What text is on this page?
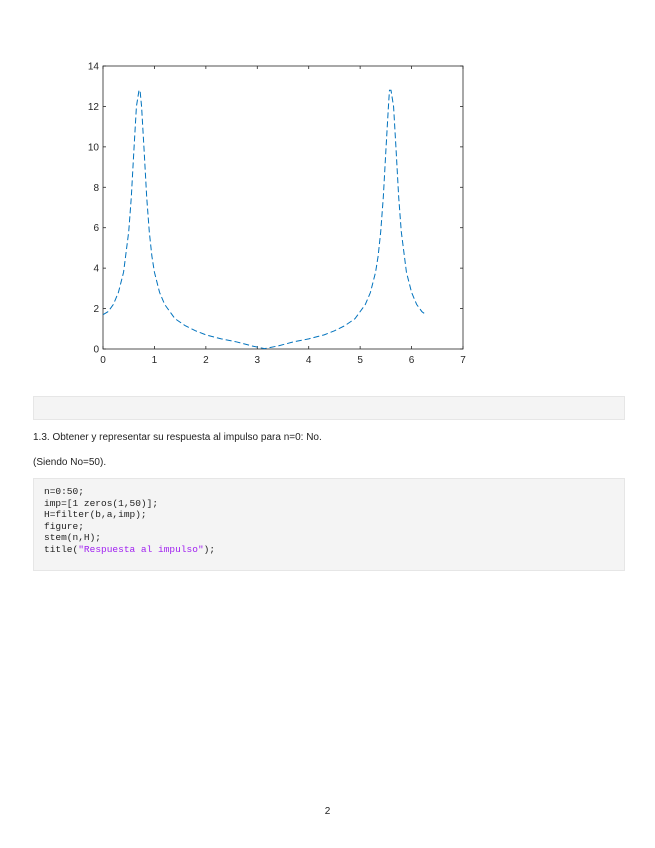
0	1	2	3	4	5	6	7
0
2
4
6
8
10
12
14
1.3. Obtener y representar su respuesta al impulso para n=0: No.
(Siendo No=50).
n=0:50;
imp=[1 zeros(1,50)];
H=filter(b,a,imp);
figure;
stem(n,H);
title("Respuesta al impulso");
2
